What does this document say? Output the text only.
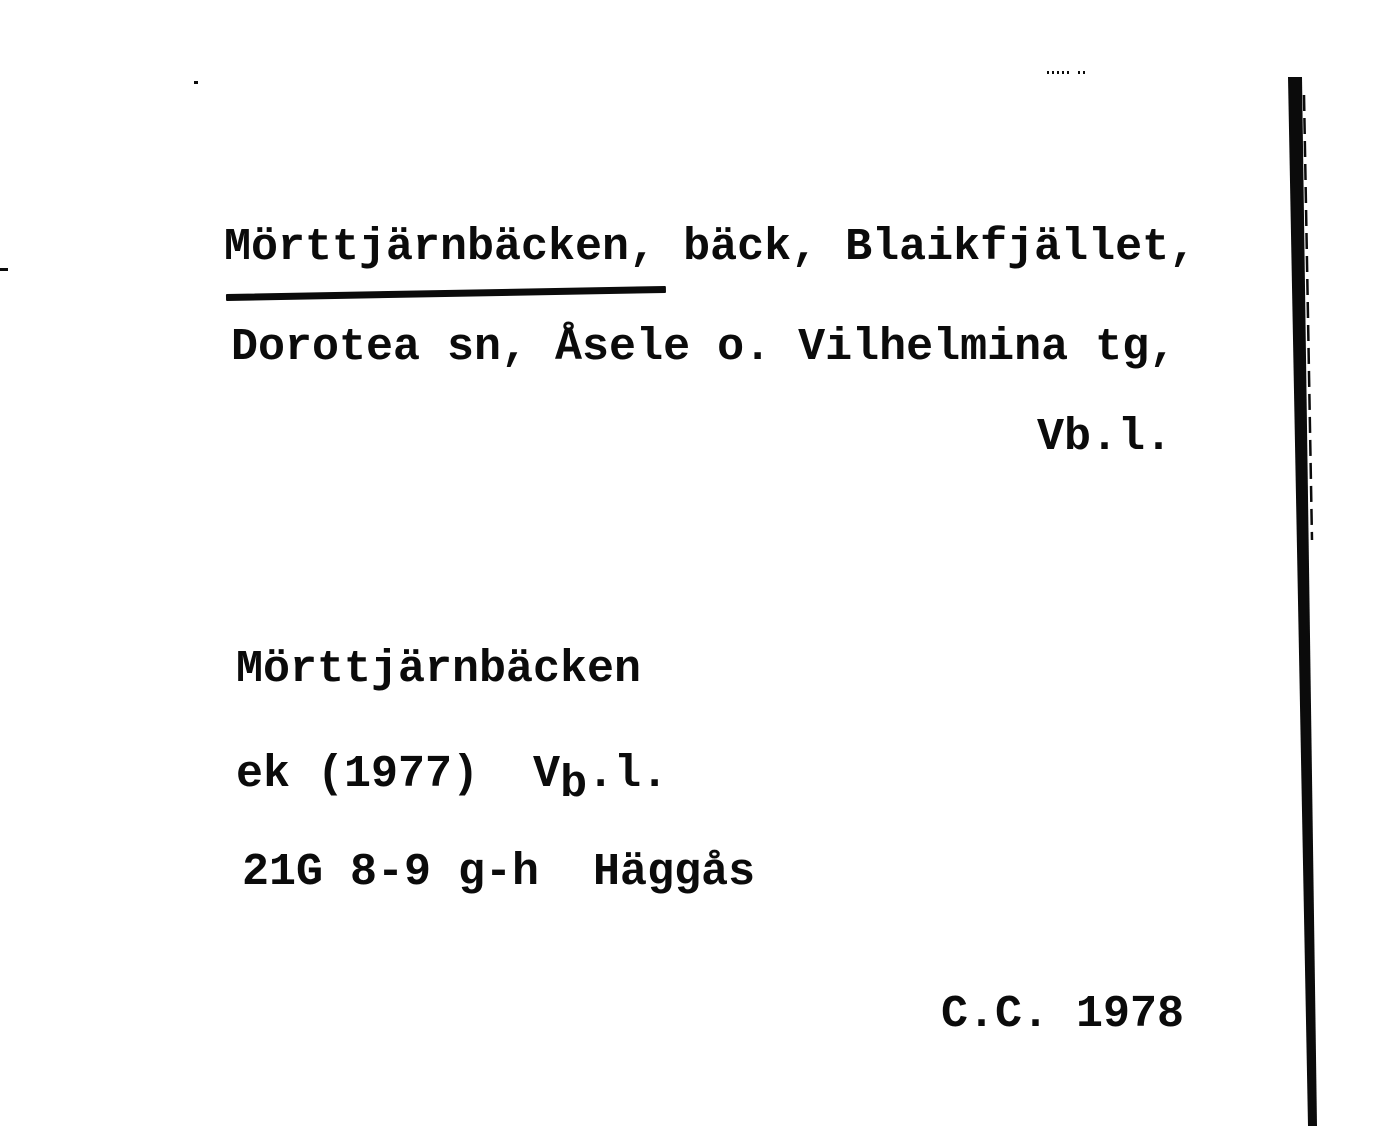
Mörttjärnbäcken, bäck, Blaikfjället,
Dorotea sn, Åsele o. Vilhelmina tg,
Vb.l.
Mörttjärnbäcken
ek (1977)  Vb.l.
21G 8-9 g-h  Häggås
C.C. 1978
